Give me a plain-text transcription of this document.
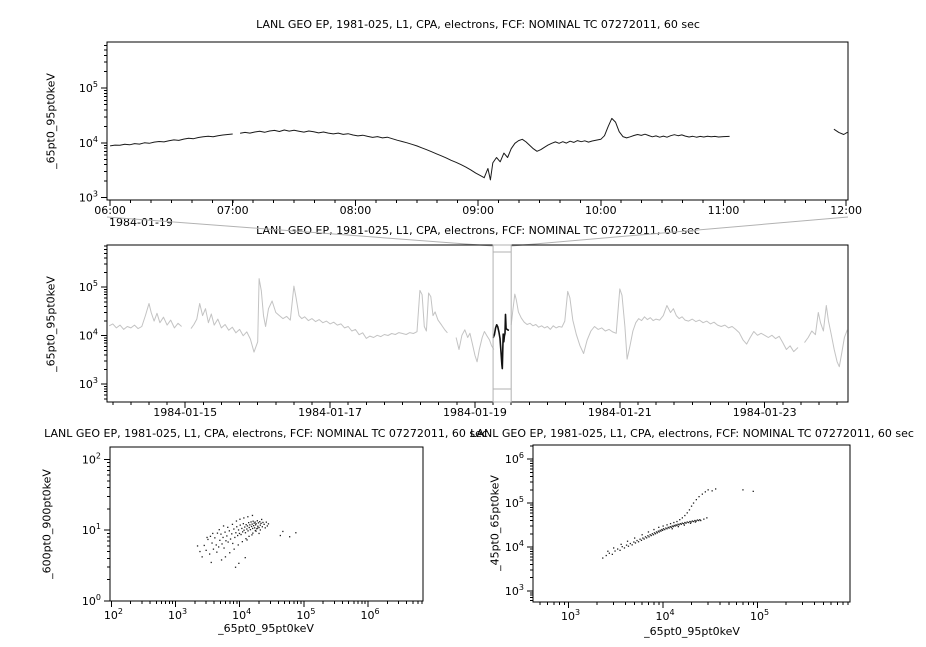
LANL GEO EP, 1981-025, L1, CPA, electrons, FCF: NOMINAL TC 07272011, 60 sec
LANL GEO EP, 1981-025, L1, CPA, electrons, FCF: NOMINAL TC 07272011, 60 sec
LANL GEO EP, 1981-025, L1, CPA, electrons, FCF: NOMINAL TC 07272011, 60 sec
LANL GEO EP, 1981-025, L1, CPA, electrons, FCF: NOMINAL TC 07272011, 60 sec
_65pt0_95pt0keV
_65pt0_95pt0keV
_600pt0_900pt0keV	_45pt0_65pt0keV
_65pt0_95pt0keV	_65pt0_95pt0keV
1984-01-19
$10^3$
$10^4$
$10^5$
06:00	07:00	08:00	09:00	10:00	11:00	12:00
$10^3$
$10^4$
$10^5$
1984-01-15	1984-01-17	1984-01-19	1984-01-21	1984-01-23
$10^0$
$10^1$
$10^2$
$10^2$	$10^3$	$10^4$	$10^5$	$10^6$
$10^3$
$10^4$
$10^5$
$10^6$
$10^3$	$10^4$	$10^5$
